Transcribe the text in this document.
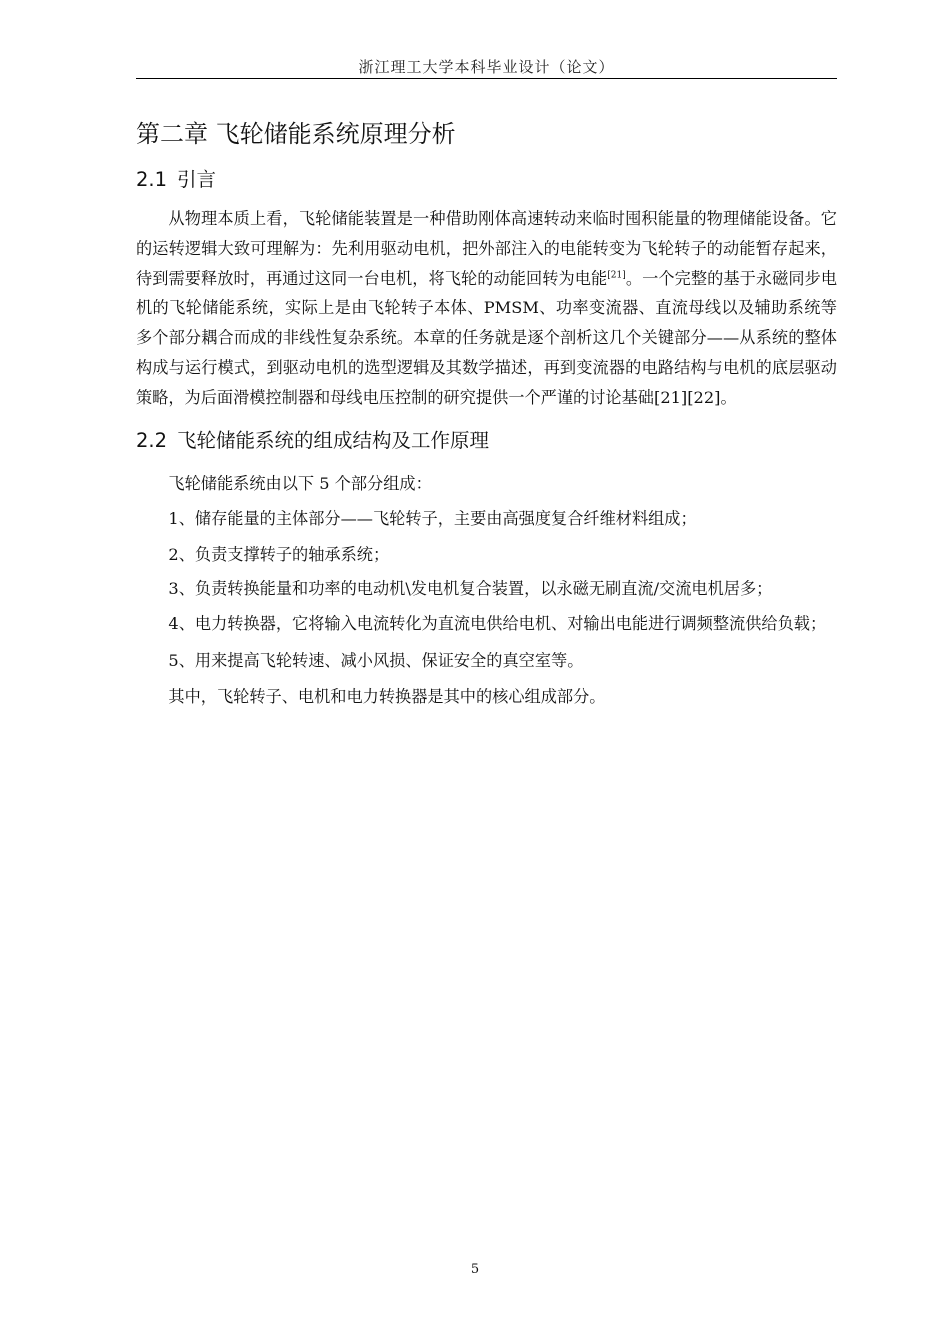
浙江理工大学本科毕业设计（论文）
第二章 飞轮储能系统原理分析
2.1 引言

从物理本质上看，飞轮储能装置是一种借助刚体高速转动来临时囤积能量的物理储能设备。它的运转逻辑大致可理解为：先利用驱动电机，把外部注入的电能转变为飞轮转子的动能暂存起来，待到需要释放时，再通过这同一台电机，将飞轮的动能回转为电能[21]。一个完整的基于永磁同步电机的飞轮储能系统，实际上是由飞轮转子本体、PMSM、功率变流器、直流母线以及辅助系统等多个部分耦合而成的非线性复杂系统。本章的任务就是逐个剖析这几个关键部分——从系统的整体构成与运行模式，到驱动电机的选型逻辑及其数学描述，再到变流器的电路结构与电机的底层驱动策略，为后面滑模控制器和母线电压控制的研究提供一个严谨的讨论基础[21][22]。

2.2 飞轮储能系统的组成结构及工作原理

飞轮储能系统由以下 5 个部分组成：

1、储存能量的主体部分——飞轮转子，主要由高强度复合纤维材料组成；

2、负责支撑转子的轴承系统；

3、负责转换能量和功率的电动机\发电机复合装置，以永磁无刷直流/交流电机居多；

4、电力转换器，它将输入电流转化为直流电供给电机、对输出电能进行调频整流供给负载；

5、用来提高飞轮转速、减小风损、保证安全的真空室等。

其中，飞轮转子、电机和电力转换器是其中的核心组成部分。

5
